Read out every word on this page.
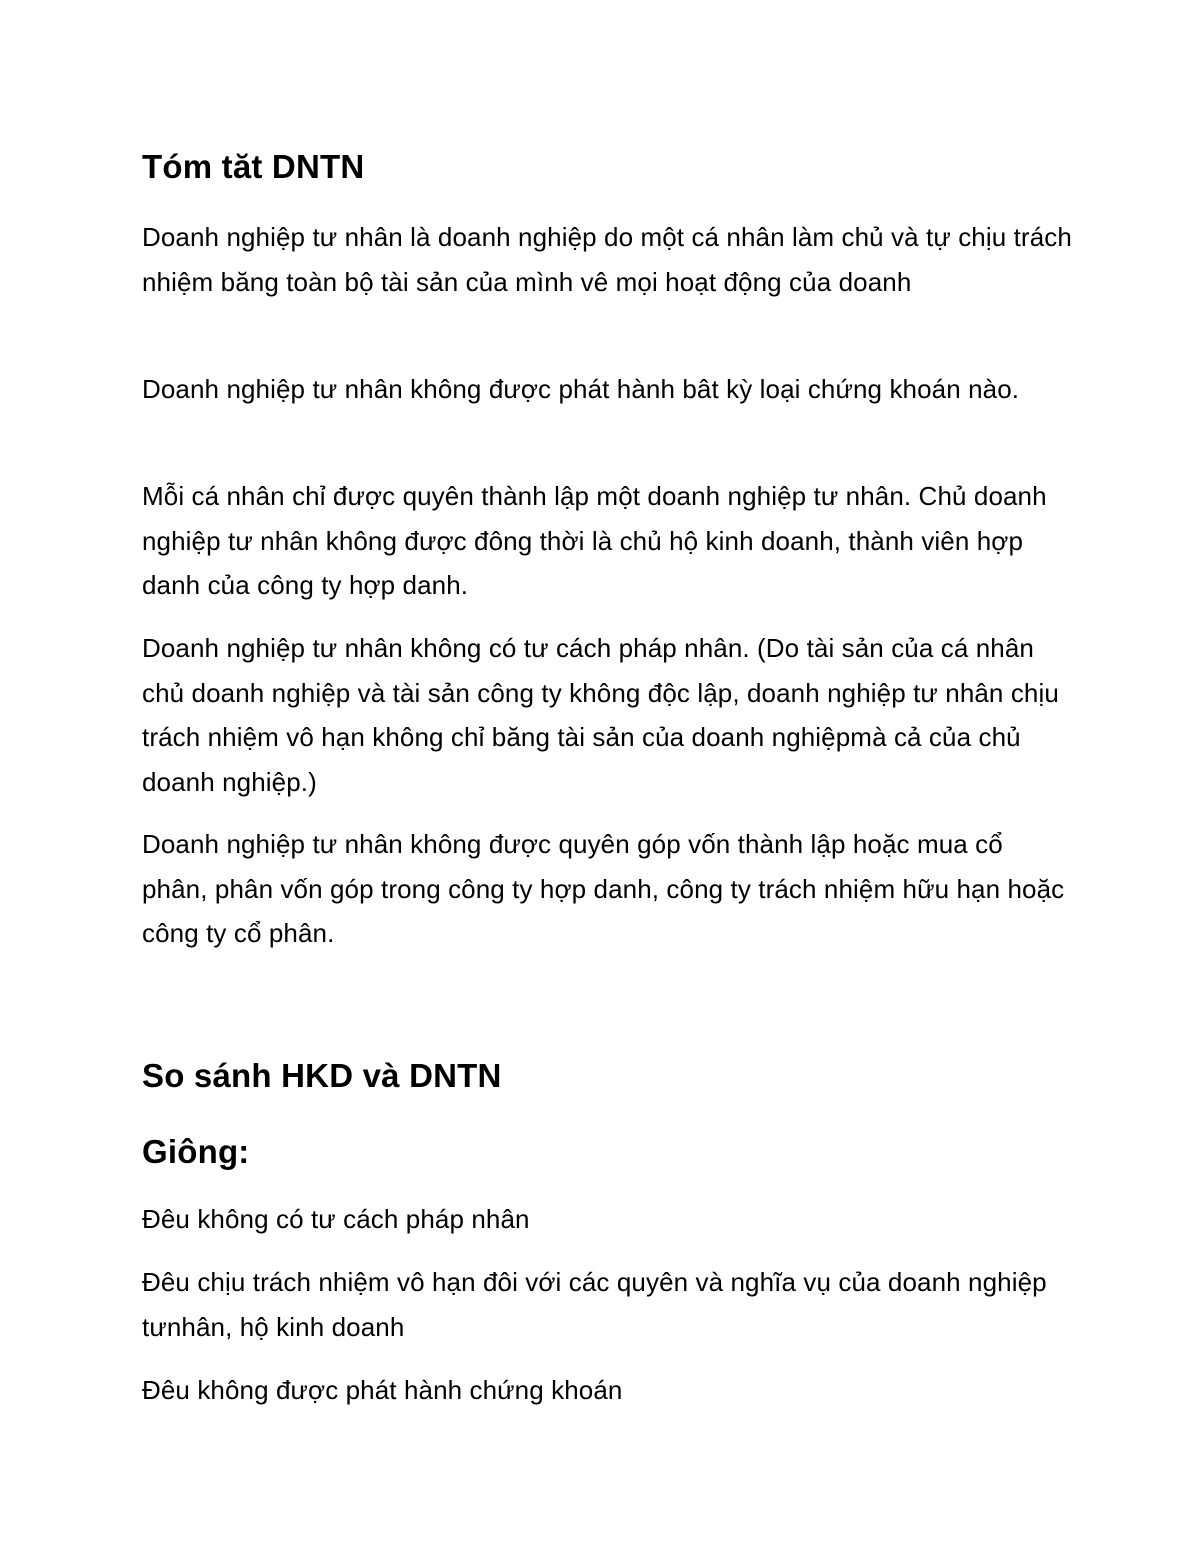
Tóm tăt DNTN

Doanh nghiệp tư nhân là doanh nghiệp do một cá nhân làm chủ và tự chịu trách nhiệm băng toàn bộ tài sản của mình vê mọi hoạt động của doanh

Doanh nghiệp tư nhân không được phát hành bât kỳ loại chứng khoán nào.

Mỗi cá nhân chỉ được quyên thành lập một doanh nghiệp tư nhân. Chủ doanh nghiệp tư nhân không được đông thời là chủ hộ kinh doanh, thành viên hợp danh của công ty hợp danh.

Doanh nghiệp tư nhân không có tư cách pháp nhân. (Do tài sản của cá nhân chủ doanh nghiệp và tài sản công ty không độc lập, doanh nghiệp tư nhân chịu trách nhiệm vô hạn không chỉ băng tài sản của doanh nghiệpmà cả của chủ doanh nghiệp.)

Doanh nghiệp tư nhân không được quyên góp vốn thành lập hoặc mua cổ phân, phân vốn góp trong công ty hợp danh, công ty trách nhiệm hữu hạn hoặc công ty cổ phân.

So sánh HKD và DNTN
Giông:

Đêu không có tư cách pháp nhân

Đêu chịu trách nhiệm vô hạn đôi với các quyên và nghĩa vụ của doanh nghiệp tưnhân, hộ kinh doanh

Đêu không được phát hành chứng khoán
